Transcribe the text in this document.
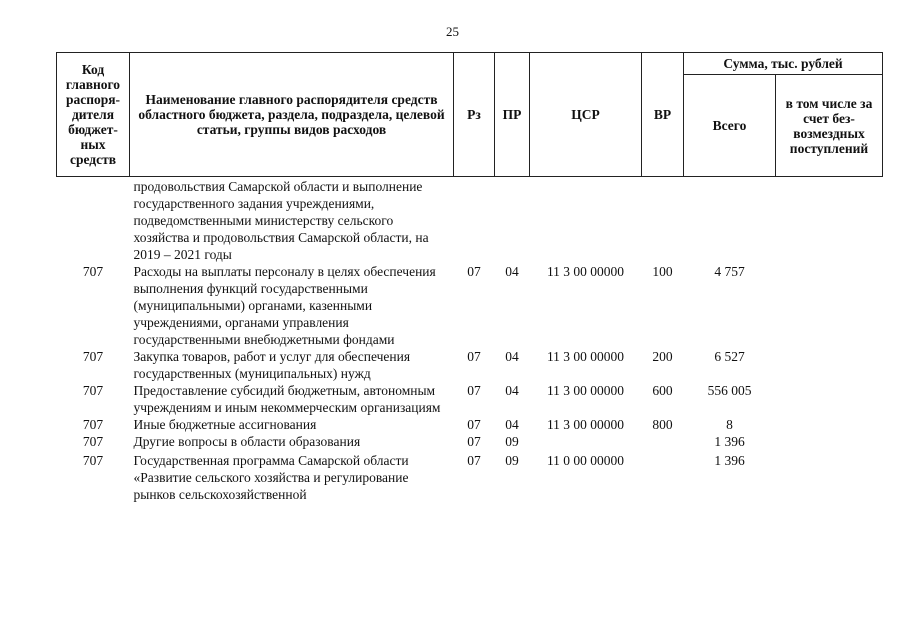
25
Код главного распоря-дителя бюджет-ных средств	Наименование главного распорядителя средств областного бюджета, раздела, подраздела, целевой статьи, группы видов расходов	Рз	ПР	ЦСР	ВР	Сумма, тыс. рублей	
						Всего	в том числе за счет без-возмездных поступлений
	продовольствия Самарской области и выполнение государственного задания учреждениями, подведомственными министерству сельского хозяйства и продовольствия Самарской области, на 2019 – 2021 годы						
707	Расходы на выплаты персоналу в целях обеспечения выполнения функций государственными (муниципальными) органами, казенными учреждениями, органами управления государственными внебюджетными фондами	07	04	11 3 00 00000	100	4 757	
707	Закупка товаров, работ и услуг для обеспечения государственных (муниципальных) нужд	07	04	11 3 00 00000	200	6 527	
707	Предоставление субсидий бюджетным, автономным учреждениям и иным некоммерческим организациям	07	04	11 3 00 00000	600	556 005	
707	Иные бюджетные ассигнования	07	04	11 3 00 00000	800	8	
707	Другие вопросы в области образования	07	09			1 396	
707	Государственная программа Самарской области «Развитие сельского хозяйства и регулирование рынков сельскохозяйственной	07	09	11 0 00 00000		1 396	
